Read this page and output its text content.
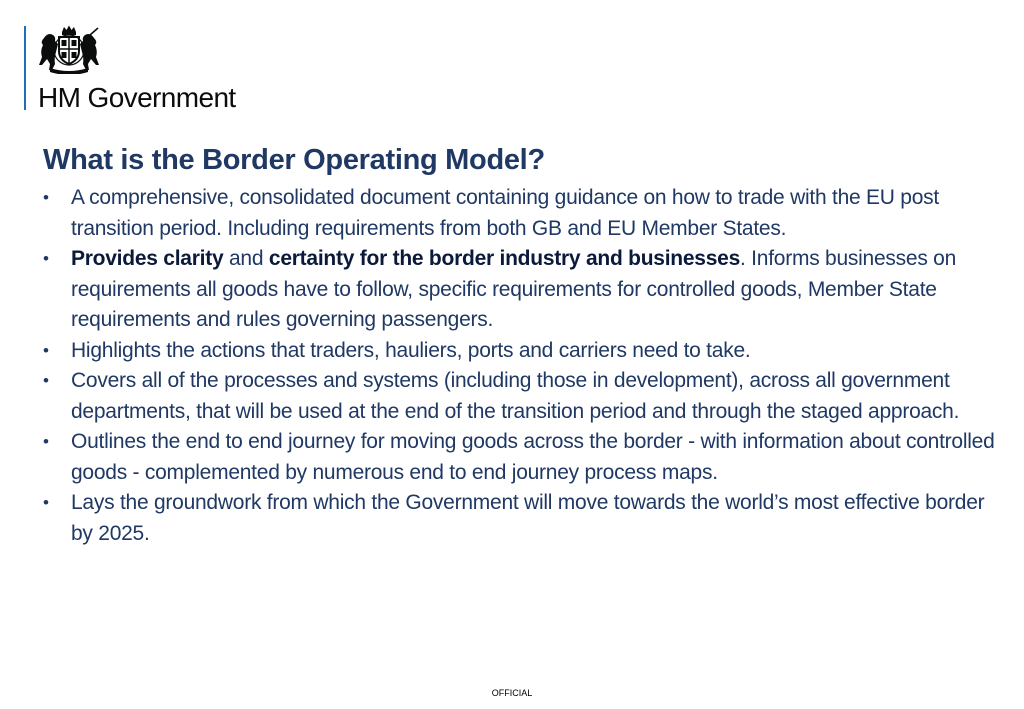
HM Government
What is the Border Operating Model?
•	A comprehensive, consolidated document containing guidance on how to trade with the EU post transition period. Including requirements from both GB and EU Member States.
•	Provides clarity and certainty for the border industry and businesses. Informs businesses on requirements all goods have to follow, specific requirements for controlled goods, Member State requirements and rules governing passengers.
•	Highlights the actions that traders, hauliers, ports and carriers need to take.
•	Covers all of the processes and systems (including those in development), across all government departments, that will be used at the end of the transition period and through the staged approach.
•	Outlines the end to end journey for moving goods across the border - with information about controlled goods - complemented by numerous end to end journey process maps.
•	Lays the groundwork from which the Government will move towards the world’s most effective border by 2025.
OFFICIAL
